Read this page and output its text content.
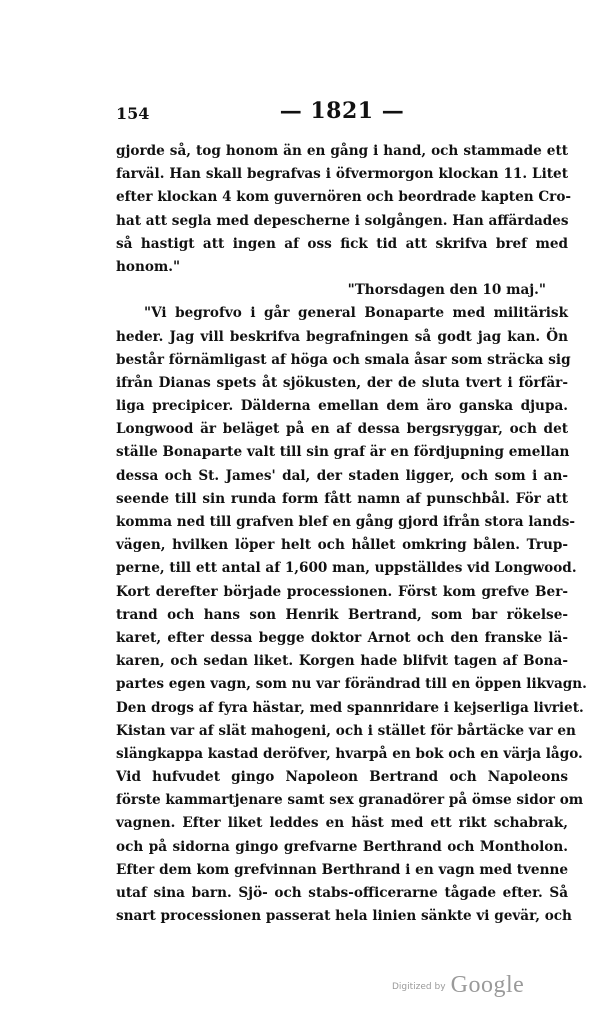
154	— 1821 —
gjorde så, tog honom än en gång i hand, och stammade ett
farväl. Han skall begrafvas i öfvermorgon klockan 11. Litet
efter klockan 4 kom guvernören och beordrade kapten Cro-
hat att segla med depescherne i solgången. Han affärdades
så hastigt att ingen af oss fick tid att skrifva bref med
honom."
"Thorsdagen den 10 maj."
"Vi begrofvo i går general Bonaparte med militärisk
heder. Jag vill beskrifva begrafningen så godt jag kan. Ön
består förnämligast af höga och smala åsar som sträcka sig
ifrån Dianas spets åt sjökusten, der de sluta tvert i förfär-
liga precipicer. Dälderna emellan dem äro ganska djupa.
Longwood är beläget på en af dessa bergsryggar, och det
ställe Bonaparte valt till sin graf är en fördjupning emellan
dessa och St. James' dal, der staden ligger, och som i an-
seende till sin runda form fått namn af punschbål. För att
komma ned till grafven blef en gång gjord ifrån stora lands-
vägen, hvilken löper helt och hållet omkring bålen. Trup-
perne, till ett antal af 1,600 man, uppställdes vid Longwood.
Kort derefter började processionen. Först kom grefve Ber-
trand och hans son Henrik Bertrand, som bar rökelse-
karet, efter dessa begge doktor Arnot och den franske lä-
karen, och sedan liket. Korgen hade blifvit tagen af Bona-
partes egen vagn, som nu var förändrad till en öppen likvagn.
Den drogs af fyra hästar, med spannridare i kejserliga livriet.
Kistan var af slät mahogeni, och i stället för bårtäcke var en
slängkappa kastad deröfver, hvarpå en bok och en värja lågo.
Vid hufvudet gingo Napoleon Bertrand och Napoleons
förste kammartjenare samt sex granadörer på ömse sidor om
vagnen. Efter liket leddes en häst med ett rikt schabrak,
och på sidorna gingo grefvarne Berthrand och Montholon.
Efter dem kom grefvinnan Berthrand i en vagn med tvenne
utaf sina barn. Sjö- och stabs-officerarne tågade efter. Så
snart processionen passerat hela linien sänkte vi gevär, och
Digitized by Google
